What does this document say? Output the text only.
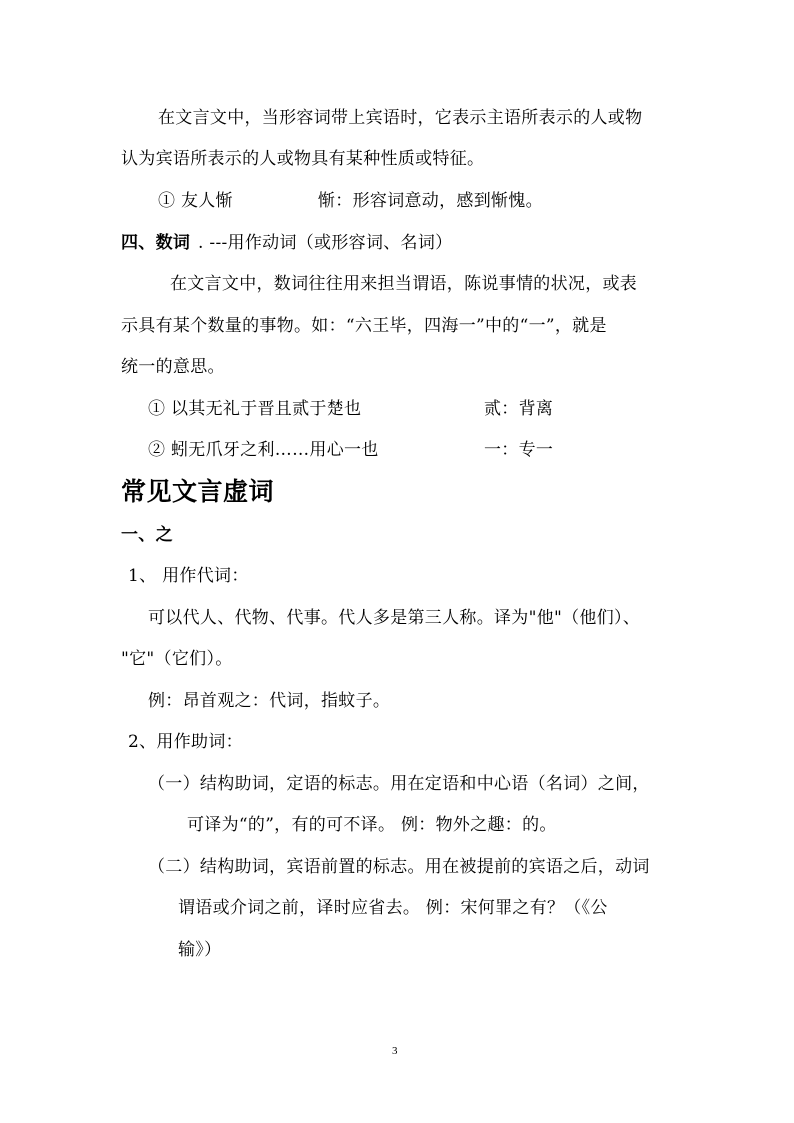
在文言文中，当形容词带上宾语时，它表示主语所表示的人或物
认为宾语所表示的人或物具有某种性质或特征。
① 友人惭	惭：形容词意动，感到惭愧。
四、数词 . ---用作动词（或形容词、名词）
在文言文中，数词往往用来担当谓语，陈说事情的状况，或表
示具有某个数量的事物。如：“六王毕，四海一”中的“一”，就是
统一的意思。
① 以其无礼于晋且贰于楚也	贰：背离
② 蚓无爪牙之利……用心一也	一：专一
常见文言虚词
一、之
1、 用作代词：
可以代人、代物、代事。代人多是第三人称。译为"他"（他们）、
"它"（它们）。
例：昂首观之：代词，指蚊子。
2、用作助词：
（一）结构助词，定语的标志。用在定语和中心语（名词）之间，
可译为“的”，有的可不译。 例：物外之趣：的。
（二）结构助词，宾语前置的标志。用在被提前的宾语之后，动词
谓语或介词之前，译时应省去。 例：宋何罪之有？（《公
输》）
3
